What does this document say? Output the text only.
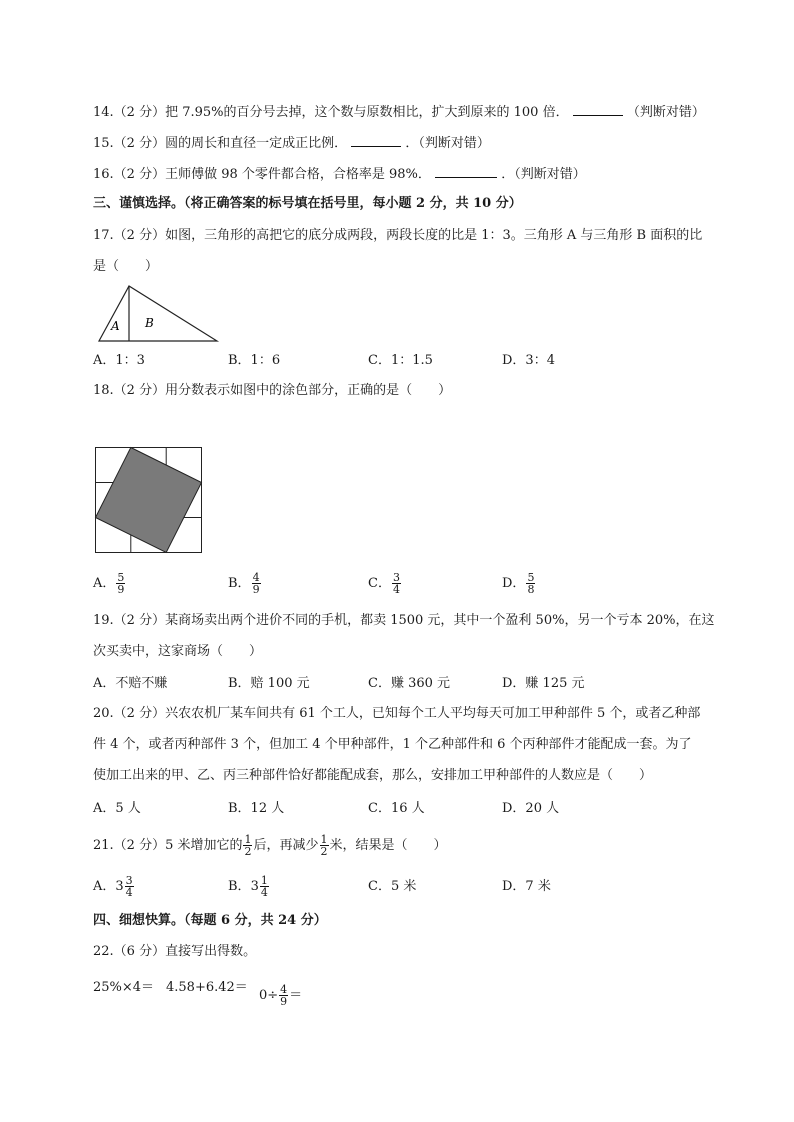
14.（2 分）把 7.95%的百分号去掉，这个数与原数相比，扩大到原来的 100 倍．	（判断对错）
15.（2 分）圆的周长和直径一定成正比例．	．（判断对错）
16.（2 分）王师傅做 98 个零件都合格，合格率是 98%．	．（判断对错）
三、谨慎选择。（将正确答案的标号填在括号里，每小题 2 分，共 10 分）
17.（2 分）如图，三角形的高把它的底分成两段，两段长度的比是 1：3。三角形 A 与三角形 B 面积的比
是（　　）
A B
A．1：3	B．1：6	C．1：1.5	D．3：4
18.（2 分）用分数表示如图中的涂色部分，正确的是（　　）
A． $\frac{5}{9}$	B． $\frac{4}{9}$	C． $\frac{3}{4}$	D． $\frac{5}{8}$
19.（2 分）某商场卖出两个进价不同的手机，都卖 1500 元，其中一个盈利 50%，另一个亏本 20%，在这
次买卖中，这家商场（　　）
A．不赔不赚	B．赔 100 元	C．赚 360 元	D．赚 125 元
20.（2 分）兴农农机厂某车间共有 61 个工人，已知每个工人平均每天可加工甲种部件 5 个，或者乙种部
件 4 个，或者丙种部件 3 个，但加工 4 个甲种部件，1 个乙种部件和 6 个丙种部件才能配成一套。为了
使加工出来的甲、乙、丙三种部件恰好都能配成套，那么，安排加工甲种部件的人数应是（　　）
A．5 人	B．12 人	C．16 人	D．20 人
21.（2 分）5 米增加它的 $\frac{1}{2}$ 后，再减少 $\frac{1}{2}$ 米，结果是（　　）
A． $3 \frac{3}{4}$	B． $3 \frac{1}{4}$	C．5 米	D．7 米
四、细想快算。（每题 6 分，共 24 分）
22.（6 分）直接写出得数。
25%×4＝ 4.58+6.42＝
$0\div \frac{4}{9}$ ＝
